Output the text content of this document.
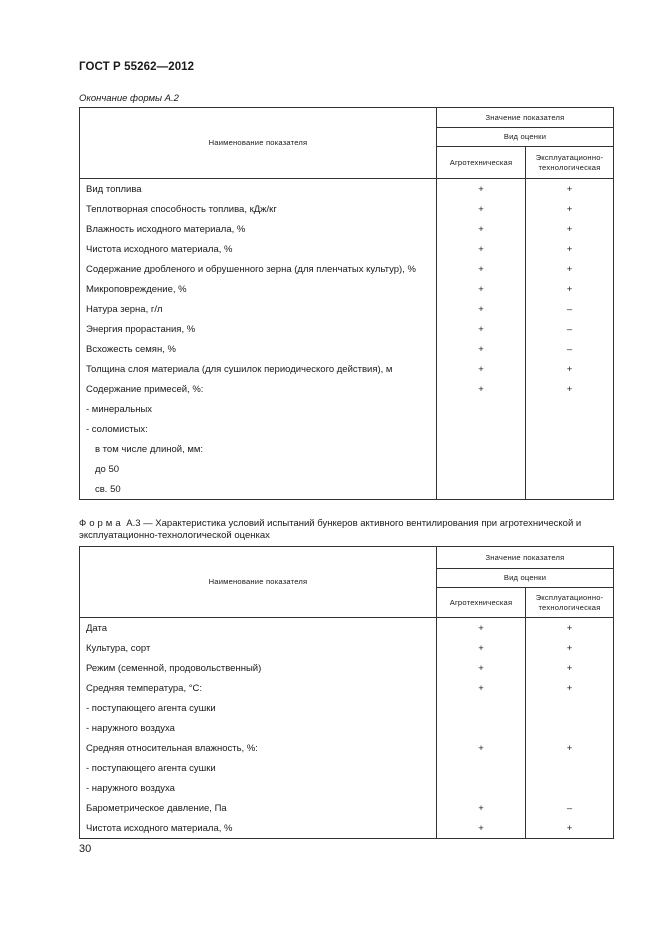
ГОСТ Р 55262—2012
Окончание формы А.2
Наименование показателя	Значение показателя	
	Вид оценки	
	Агротехническая	Эксплуатационно-
технологическая
Вид топлива	+	+
Теплотворная способность топлива, кДж/кг	+	+
Влажность исходного материала, %	+	+
Чистота исходного материала, %	+	+
Содержание дробленого и обрушенного зерна (для пленчатых культур), %	+	+
Микроповреждение, %	+	+
Натура зерна, г/л	+	–
Энергия прорастания, %	+	–
Всхожесть семян, %	+	–
Толщина слоя материала (для сушилок периодического действия), м	+	+
Содержание примесей, %:	+	+
- минеральных		
- соломистых:		
в том числе длиной, мм:		
до 50		
св. 50		
Форма А.3 — Характеристика условий испытаний бункеров активного вентилирования при агротехнической и эксплуатационно-технологической оценках
Наименование показателя	Значение показателя	
	Вид оценки	
	Агротехническая	Эксплуатационно-
технологическая
Дата	+	+
Культура, сорт	+	+
Режим (семенной, продовольственный)	+	+
Средняя температура, °С:	+	+
- поступающего агента сушки		
- наружного воздуха		
Средняя относительная влажность, %:	+	+
- поступающего агента сушки		
- наружного воздуха		
Барометрическое давление, Па	+	–
Чистота исходного материала, %	+	+
30
